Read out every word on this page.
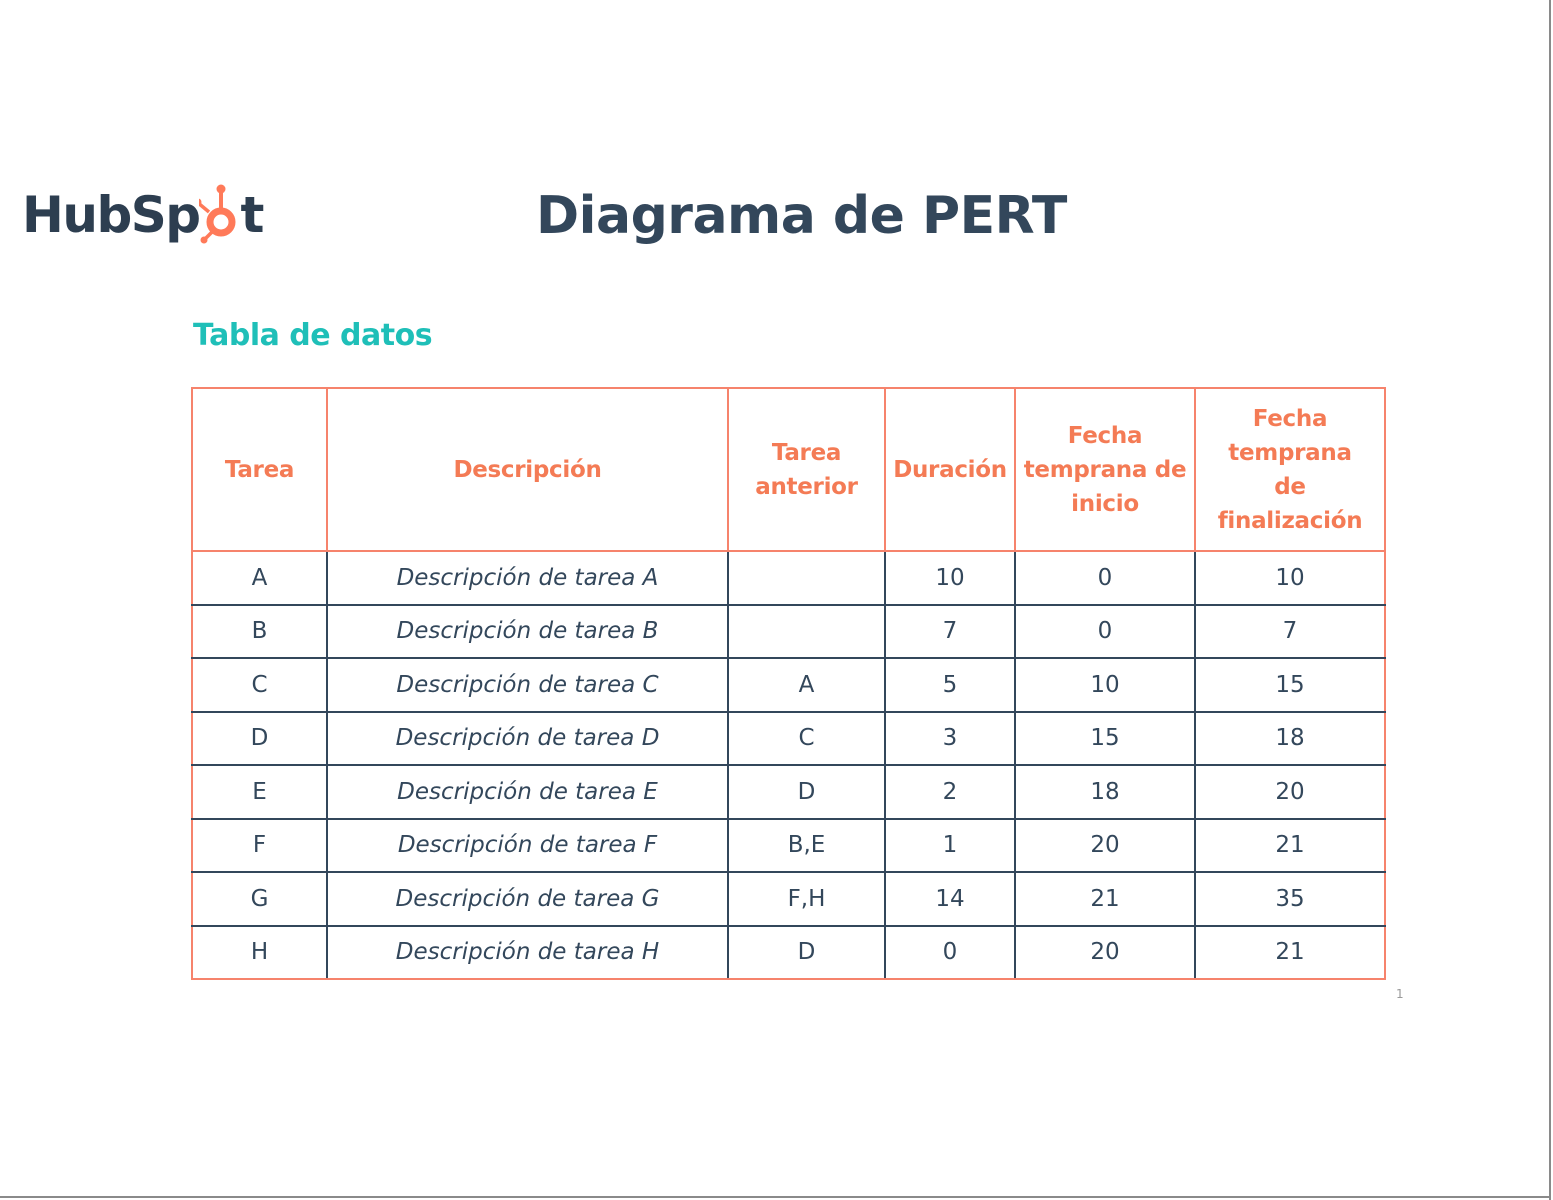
HubSp t	Diagrama de PERT
Tabla de datos
Tarea	Descripción	Tarea anterior	Duración	Fecha temprana de inicio	Fecha temprana de finalización
A	Descripción de tarea A		10	0	10
B	Descripción de tarea B		7	0	7
C	Descripción de tarea C	A	5	10	15
D	Descripción de tarea D	C	3	15	18
E	Descripción de tarea E	D	2	18	20
F	Descripción de tarea F	B,E	1	20	21
G	Descripción de tarea G	F,H	14	21	35
H	Descripción de tarea H	D	0	20	21
1
